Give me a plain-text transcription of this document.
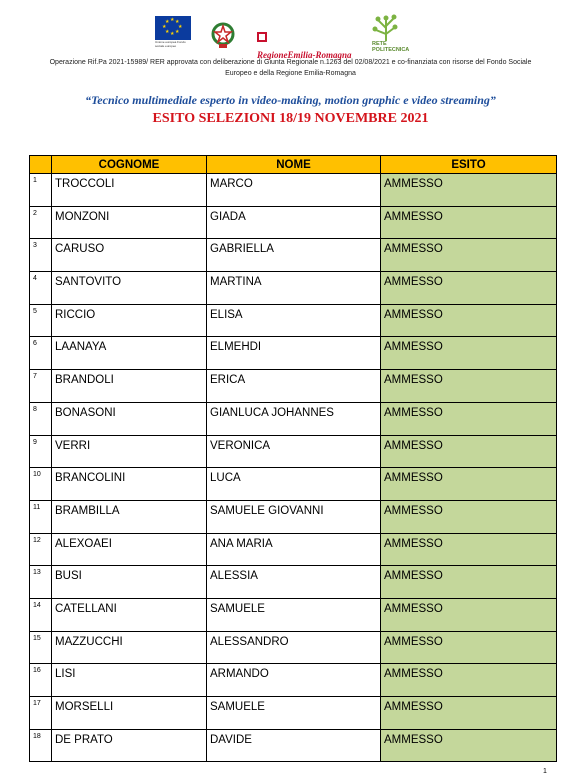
★ ★
★
★
★
★
★
★
Unione europea Fondo sociale europeo
RegioneEmilia-Romagna
RETE
POLITECNICA
Operazione Rif.Pa 2021-15989/ RER approvata con deliberazione di Giunta Regionale n.1263 del 02/08/2021 e co-finanziata con risorse del Fondo Sociale
Europeo e della Regione Emilia-Romagna
“Tecnico multimediale esperto in video-making, motion graphic e video streaming”
ESITO SELEZIONI 18/19 NOVEMBRE 2021
	COGNOME	NOME	ESITO
1	TROCCOLI	MARCO	AMMESSO
2	MONZONI	GIADA	AMMESSO
3	CARUSO	GABRIELLA	AMMESSO
4	SANTOVITO	MARTINA	AMMESSO
5	RICCIO	ELISA	AMMESSO
6	LAANAYA	ELMEHDI	AMMESSO
7	BRANDOLI	ERICA	AMMESSO
8	BONASONI	GIANLUCA JOHANNES	AMMESSO
9	VERRI	VERONICA	AMMESSO
10	BRANCOLINI	LUCA	AMMESSO
11	BRAMBILLA	SAMUELE GIOVANNI	AMMESSO
12	ALEXOAEI	ANA MARIA	AMMESSO
13	BUSI	ALESSIA	AMMESSO
14	CATELLANI	SAMUELE	AMMESSO
15	MAZZUCCHI	ALESSANDRO	AMMESSO
16	LISI	ARMANDO	AMMESSO
17	MORSELLI	SAMUELE	AMMESSO
18	DE PRATO	DAVIDE	AMMESSO
1
